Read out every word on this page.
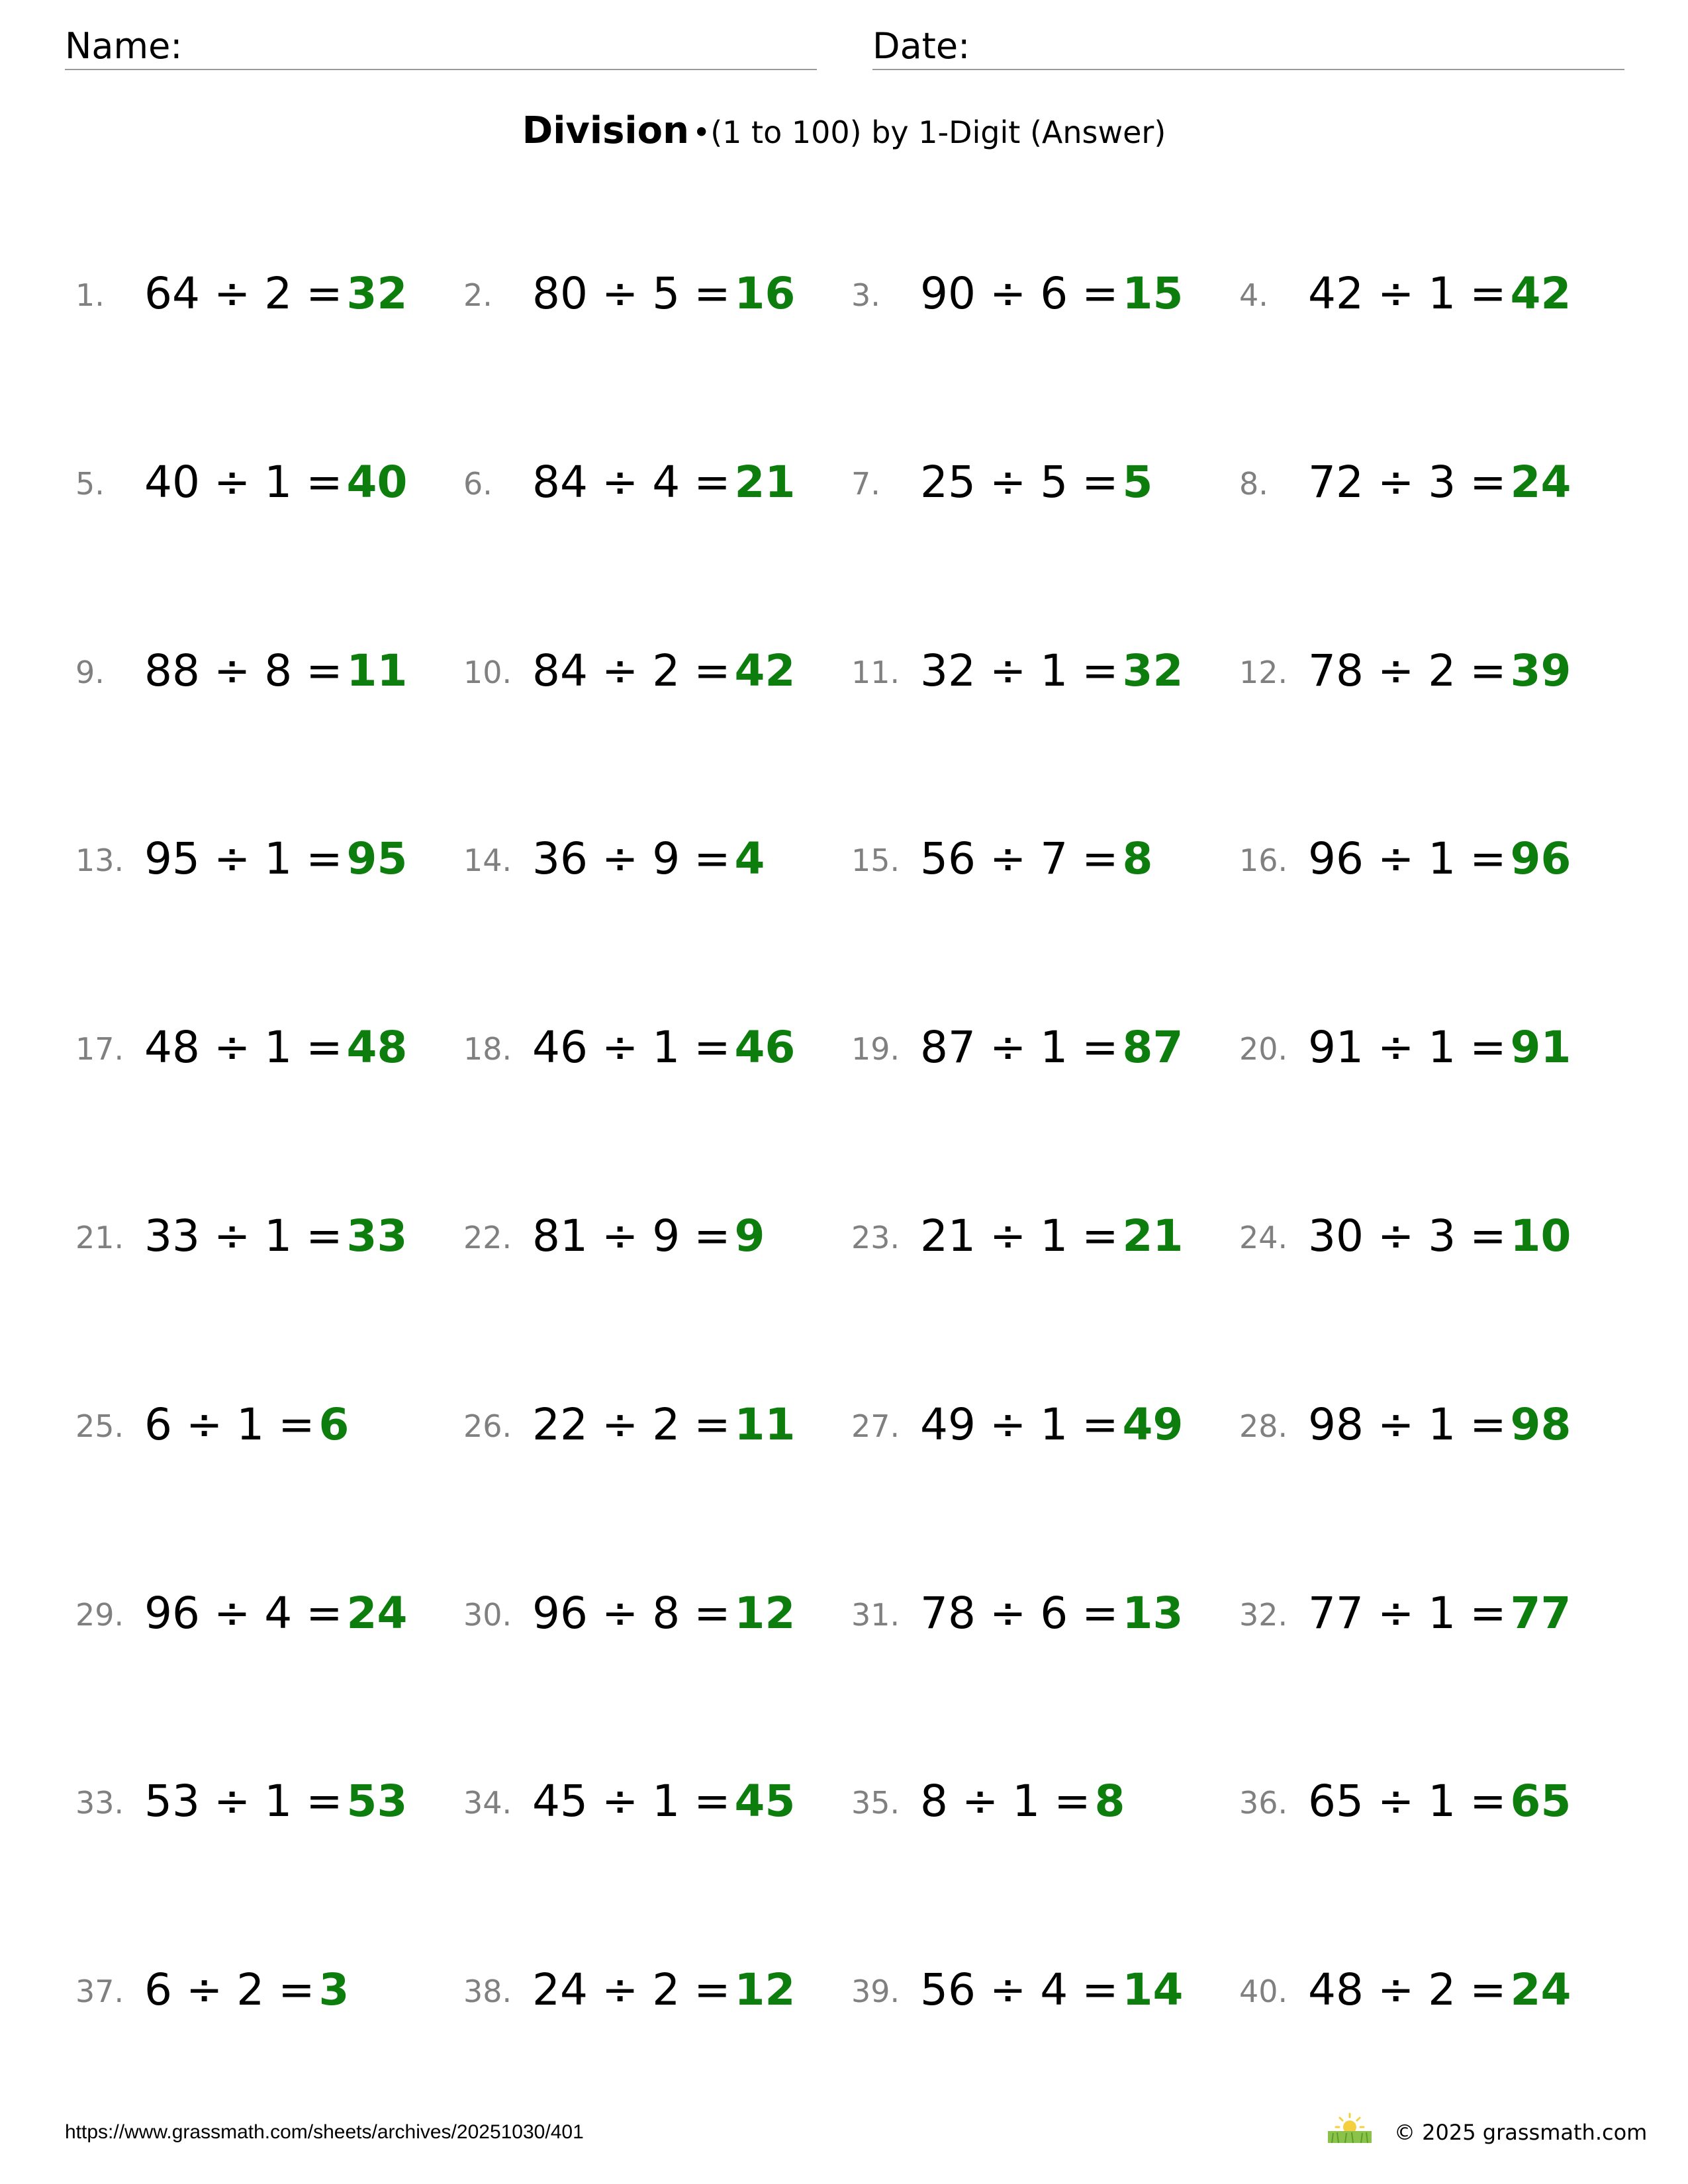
Name:	Date:
Division •(1 to 100) by 1-Digit (Answer)
1. 64 ÷ 2 =32 2. 80 ÷ 5 =16 3. 90 ÷ 6 =15 4. 42 ÷ 1 =42
5. 40 ÷ 1 =40 6. 84 ÷ 4 =21 7. 25 ÷ 5 =5	8. 72 ÷ 3 =24
9. 88 ÷ 8 =11 10. 84 ÷ 2 =42 11. 32 ÷ 1 =32 12. 78 ÷ 2 =39
13. 95 ÷ 1 =95 14. 36 ÷ 9 =4	15. 56 ÷ 7 =8	16. 96 ÷ 1 =96
17. 48 ÷ 1 =48 18. 46 ÷ 1 =46 19. 87 ÷ 1 =87 20. 91 ÷ 1 =91
21. 33 ÷ 1 =33 22. 81 ÷ 9 =9	23. 21 ÷ 1 =21 24. 30 ÷ 3 =10
25. 6 ÷ 1 =6	26. 22 ÷ 2 =11 27. 49 ÷ 1 =49 28. 98 ÷ 1 =98
29. 96 ÷ 4 =24 30. 96 ÷ 8 =12 31. 78 ÷ 6 =13 32. 77 ÷ 1 =77
33. 53 ÷ 1 =53 34. 45 ÷ 1 =45 35. 8 ÷ 1 =8	36. 65 ÷ 1 =65
37. 6 ÷ 2 =3	38. 24 ÷ 2 =12 39. 56 ÷ 4 =14 40. 48 ÷ 2 =24
https://www.grassmath.com/sheets/archives/20251030/401	© 2025 grassmath.com
